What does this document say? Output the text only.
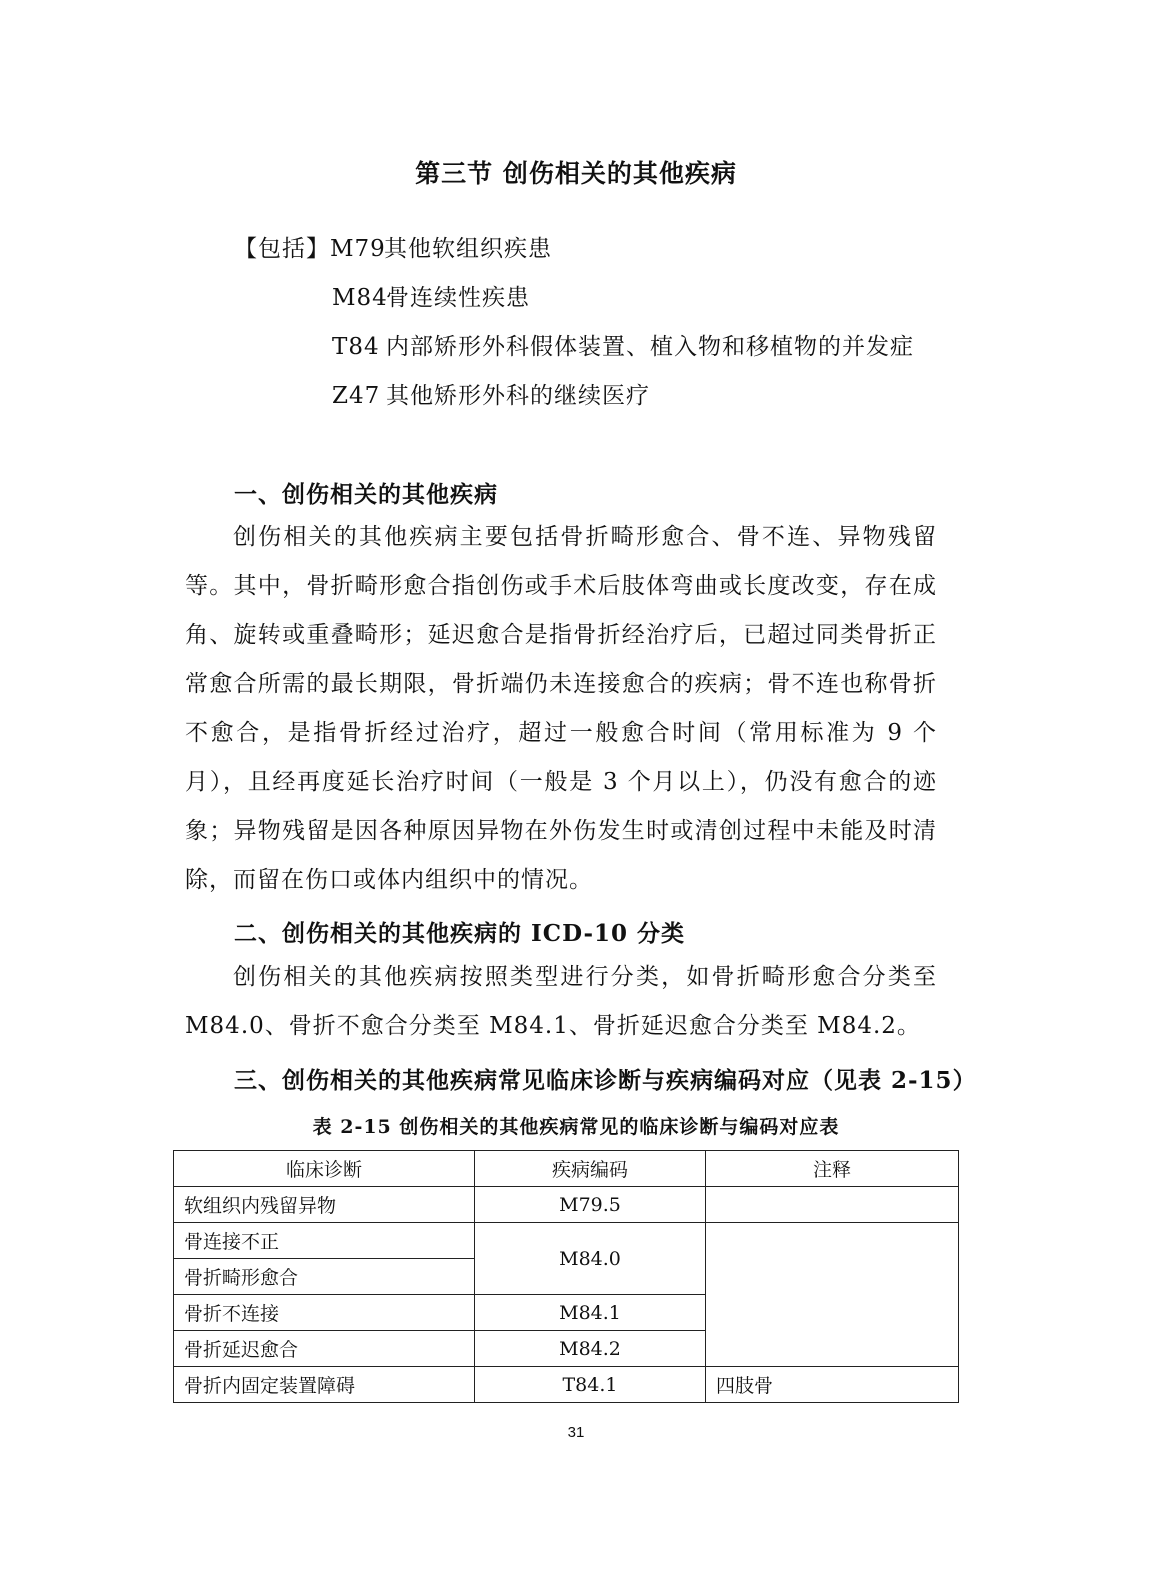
第三节 创伤相关的其他疾病
【包括】M79其他软组织疾患
M84骨连续性疾患
T84 内部矫形外科假体装置、植入物和移植物的并发症
Z47 其他矫形外科的继续医疗
一、创伤相关的其他疾病
创伤相关的其他疾病主要包括骨折畸形愈合、骨不连、异物残留等。其中，骨折畸形愈合指创伤或手术后肢体弯曲或长度改变，存在成角、旋转或重叠畸形；延迟愈合是指骨折经治疗后，已超过同类骨折正常愈合所需的最长期限，骨折端仍未连接愈合的疾病；骨不连也称骨折不愈合，是指骨折经过治疗，超过一般愈合时间（常用标准为 9 个月），且经再度延长治疗时间（一般是 3 个月以上），仍没有愈合的迹象；异物残留是因各种原因异物在外伤发生时或清创过程中未能及时清除，而留在伤口或体内组织中的情况。
二、创伤相关的其他疾病的 ICD-10 分类
创伤相关的其他疾病按照类型进行分类，如骨折畸形愈合分类至 M84.0、骨折不愈合分类至 M84.1、骨折延迟愈合分类至 M84.2。
三、创伤相关的其他疾病常见临床诊断与疾病编码对应（见表 2-15）
表 2-15 创伤相关的其他疾病常见的临床诊断与编码对应表
临床诊断	疾病编码	注释
软组织内残留异物	M79.5	
骨连接不正	M84.0	
骨折畸形愈合		
骨折不连接	M84.1	
骨折延迟愈合	M84.2	
骨折内固定装置障碍	T84.1	四肢骨
31
